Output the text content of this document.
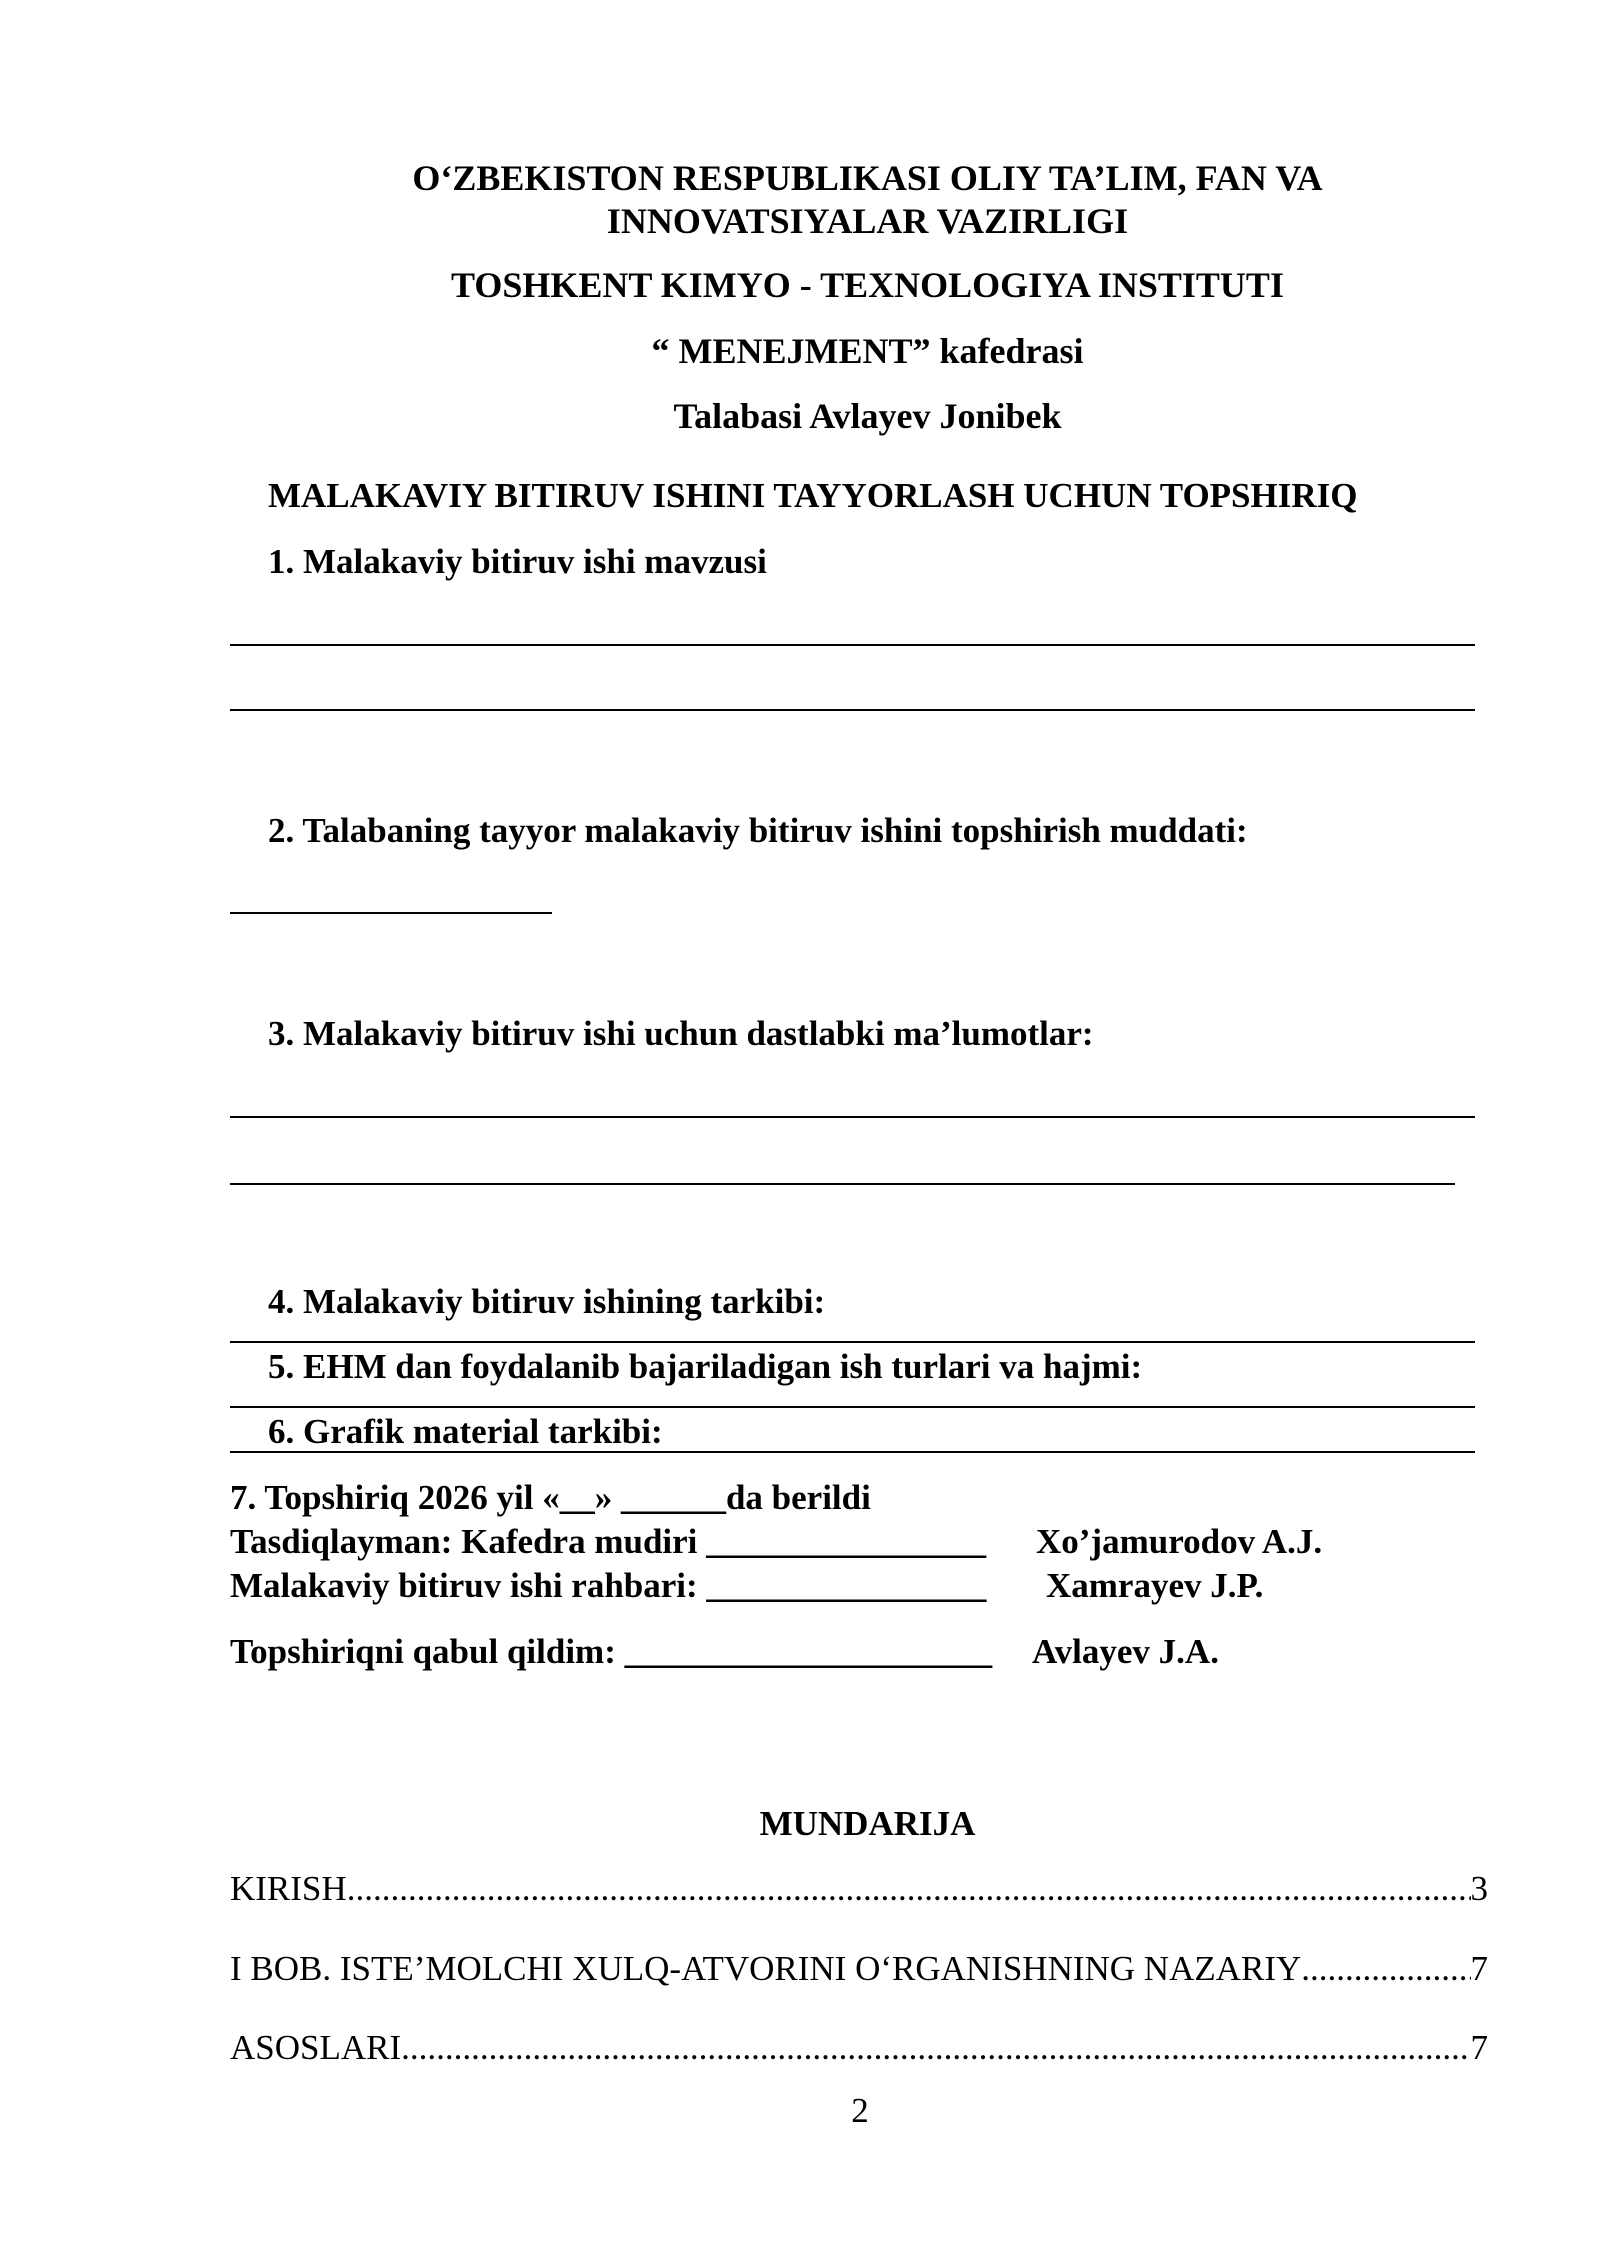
O‘ZBEKISTON RESPUBLIKASI OLIY TA’LIM, FAN VA
INNOVATSIYALAR VAZIRLIGI
TOSHKENT KIMYO - TEXNOLOGIYA INSTITUTI
“ MENEJMENT” kafedrasi
Talabasi Avlayev Jonibek
MALAKAVIY BITIRUV ISHINI TAYYORLASH UCHUN TOPSHIRIQ
1. Malakaviy bitiruv ishi mavzusi
2. Talabaning tayyor malakaviy bitiruv ishini topshirish muddati:
3. Malakaviy bitiruv ishi uchun dastlabki ma’lumotlar:
4. Malakaviy bitiruv ishining tarkibi:
5. EHM dan foydalanib bajariladigan ish turlari va hajmi:
6. Grafik material tarkibi:
7. Topshiriq 2026 yil «__» ______da berildi
Tasdiqlayman: Kafedra mudiri ________________ Xo’jamurodov A.J.
Malakaviy bitiruv ishi rahbari: ________________ Xamrayev J.P.
Topshiriqni qabul qildim: _____________________ Avlayev J.A.
MUNDARIJA
KIRISH .....	3
I BOB. ISTE’MOLCHI XULQ-ATVORINI O‘RGANISHNING NAZARIY .....	7
ASOSLARI .....	7
2
